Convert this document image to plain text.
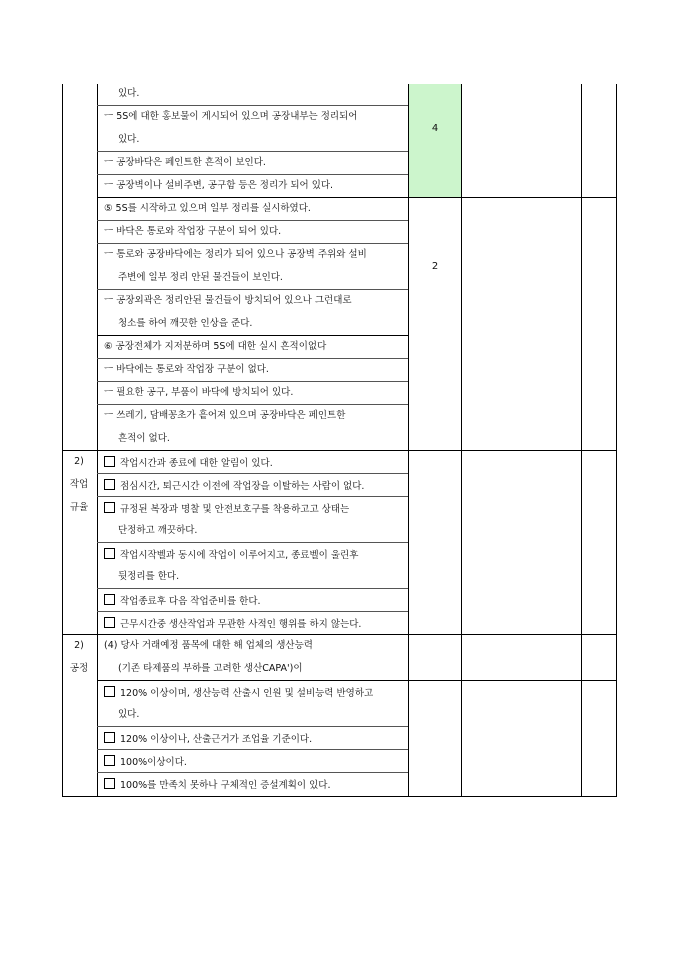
4
2
2)
작업
규율
2)
공정
있다.
ㅡ 5S에 대한 홍보물이 게시되어 있으며 공장내부는 정리되어
있다.
ㅡ 공장바닥은 페인트한 흔적이 보인다.
ㅡ 공장벽이나 설비주변, 공구함 등은 정리가 되어 있다.
⑤ 5S를 시작하고 있으며 일부 정리를 실시하였다.
ㅡ 바닥은 통로와 작업장 구분이 되어 있다.
ㅡ 통로와 공장바닥에는 정리가 되어 있으나 공장벽 주위와 설비
주변에 일부 정리 안된 물건들이 보인다.
ㅡ 공장외곽은 정리안된 물건들이 방치되어 있으나 그런대로
청소를 하여 깨끗한 인상을 준다.
⑥ 공장전체가 지저분하며 5S에 대한 실시 흔적이없다
ㅡ 바닥에는 통로와 작업장 구분이 없다.
ㅡ 필요한 공구, 부품이 바닥에 방치되어 있다.
ㅡ 쓰레기, 담배꽁초가 흩어져 있으며 공장바닥은 페인트한
흔적이 없다.
작업시간과 종료에 대한 알림이 있다.
점심시간, 퇴근시간 이전에 작업장을 이탈하는 사람이 없다.
규정된 복장과 명찰 및 안전보호구를 착용하고고 상태는
단정하고 깨끗하다.
작업시작벨과 동시에 작업이 이루어지고, 종료벨이 울린후
뒷정리를 한다.
작업종료후 다음 작업준비를 한다.
근무시간중 생산작업과 무관한 사적인 행위를 하지 않는다.
(4) 당사 거래예정 품목에 대한 해 업체의 생산능력
(기존 타제품의 부하를 고려한 생산CAPA')이
120% 이상이며, 생산능력 산출시 인원 및 설비능력 반영하고
있다.
120% 이상이나, 산출근거가 조업율 기준이다.
100%이상이다.
100%를 만족치 못하나 구체적인 증설계획이 있다.
